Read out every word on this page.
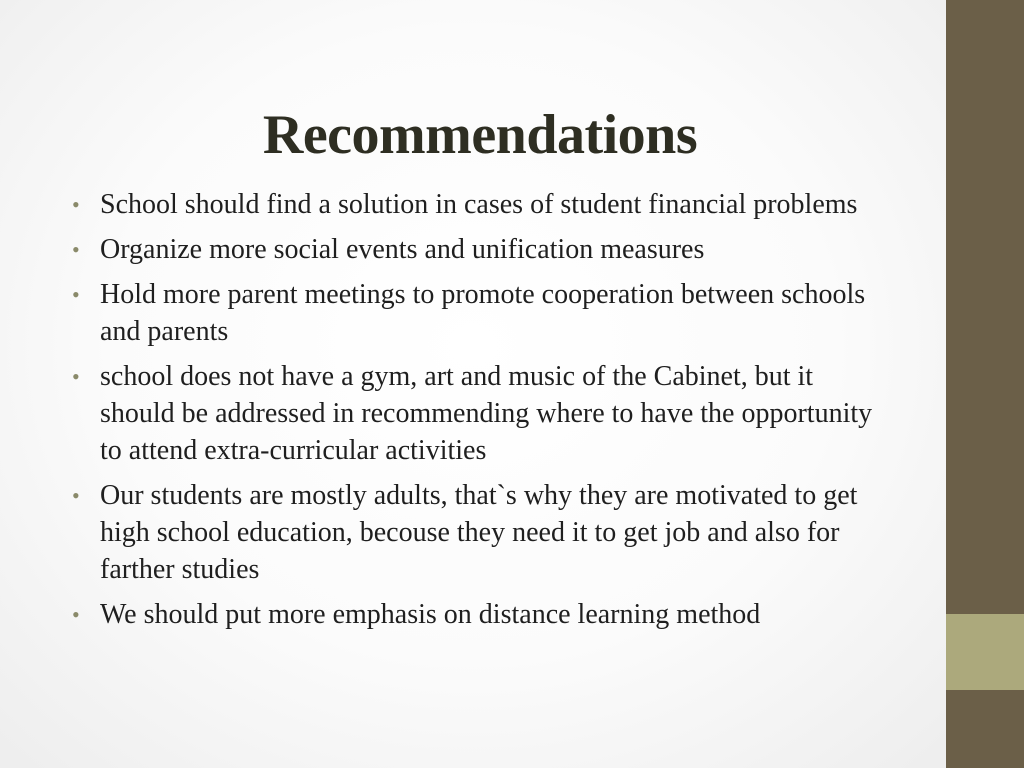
Recommendations
• School should find a solution in cases of student financial problems
• Organize more social events and unification measures
• Hold more parent meetings to promote cooperation between schools and parents
• school does not have a gym, art and music of the Cabinet, but it should be addressed in recommending where to have the opportunity to attend extra-curricular activities
• Our students are mostly adults, that`s why they are motivated to get high school education, becouse they need it to get job and also for farther studies
• We should put more emphasis on distance learning method
